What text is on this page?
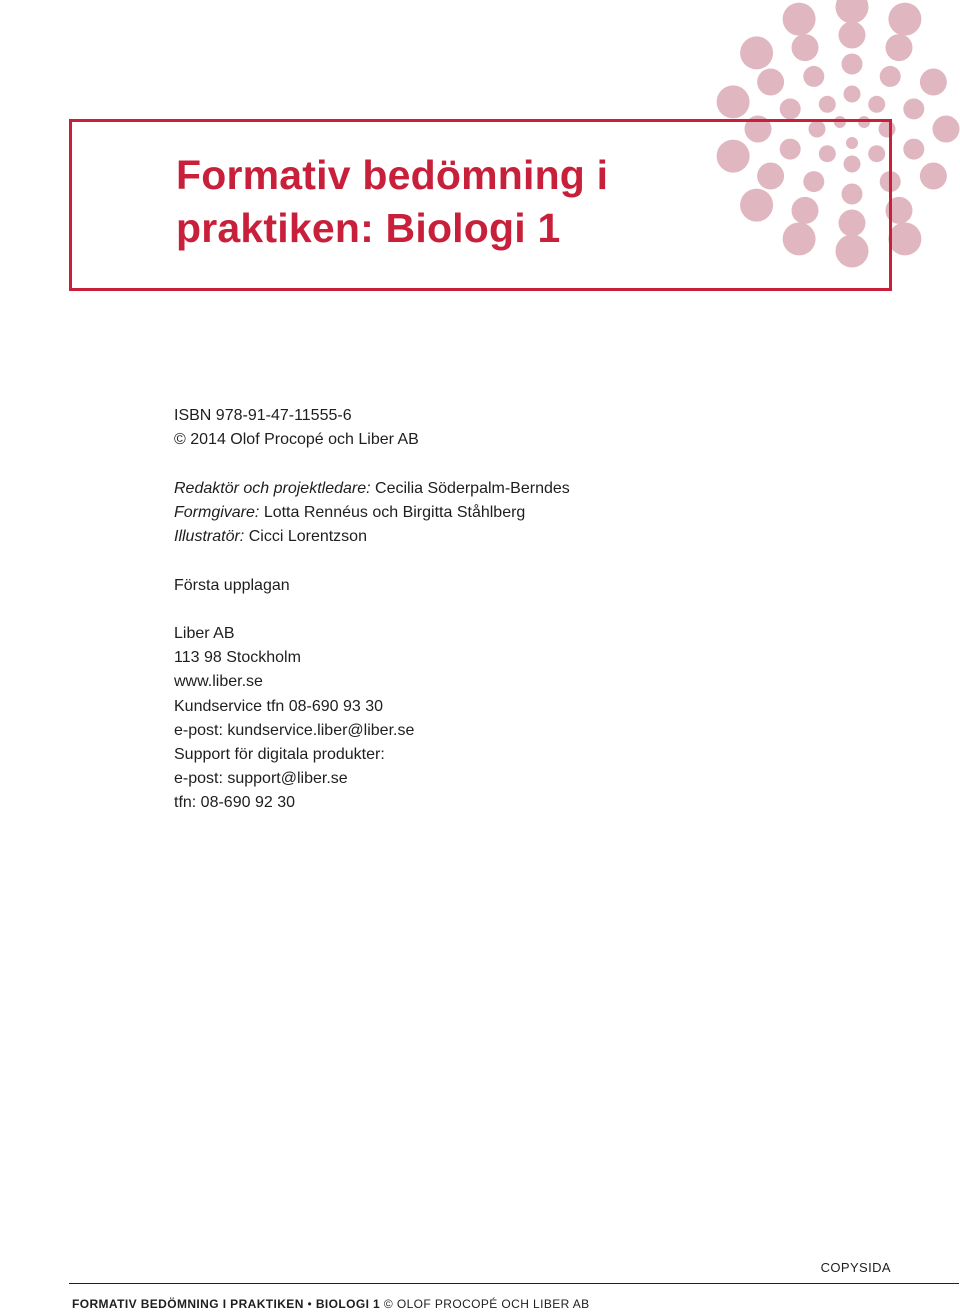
Formativ bedömning i
praktiken: Biologi 1
ISBN 978-91-47-11555-6
© 2014 Olof Procopé och Liber AB
Redaktör och projektledare: Cecilia Söderpalm-Berndes
Formgivare: Lotta Rennéus och Birgitta Ståhlberg
Illustratör: Cicci Lorentzson
Första upplagan
Liber AB
113 98 Stockholm
www.liber.se
Kundservice tfn 08-690 93 30
e-post: kundservice.liber@liber.se
Support för digitala produkter:
e-post: support@liber.se
tfn: 08-690 92 30
COPYSIDA
FORMATIV BEDÖMNING I PRAKTIKEN • BIOLOGI 1 © OLOF PROCOPÉ OCH LIBER AB
